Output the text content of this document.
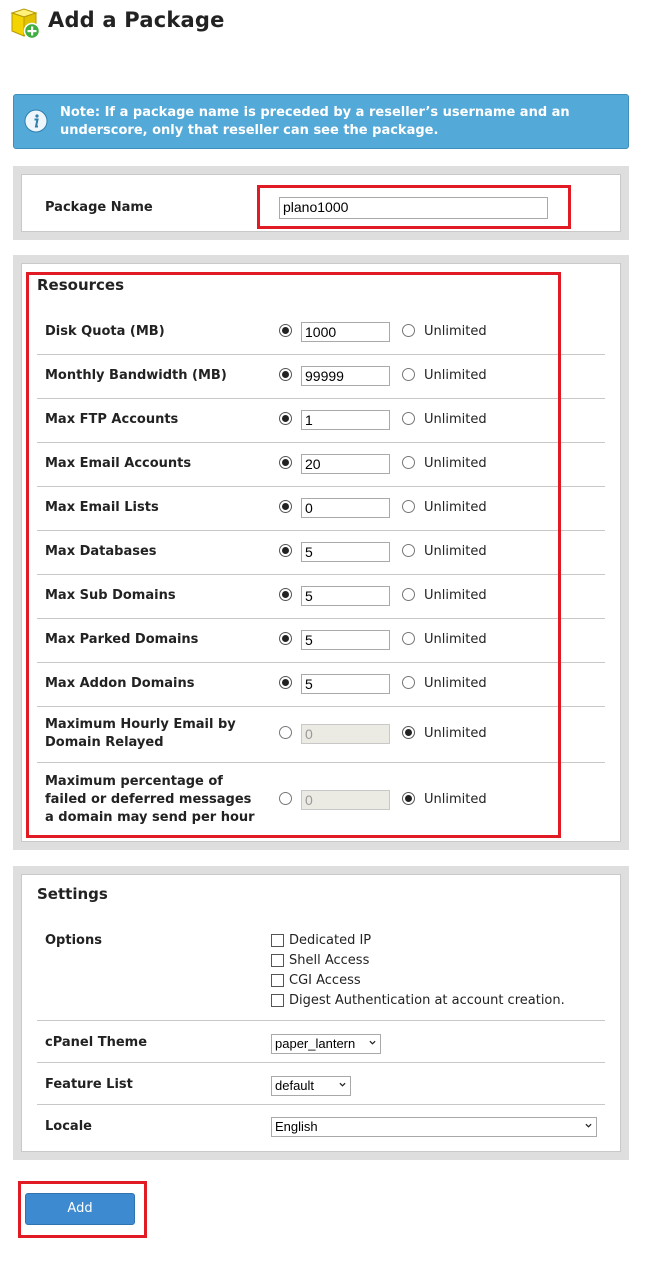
Add a Package
Note: If a package name is preceded by a reseller’s username and an underscore, only that reseller can see the package.
Package Name	plano1000
Resources
Disk Quota (MB)	1000	Unlimited
Monthly Bandwidth (MB)	99999	Unlimited
Max FTP Accounts	1	Unlimited
Max Email Accounts	20	Unlimited
Max Email Lists	0	Unlimited
Max Databases	5	Unlimited
Max Sub Domains	5	Unlimited
Max Parked Domains	5	Unlimited
Max Addon Domains	5	Unlimited
Maximum Hourly Email by
Domain Relayed
0	Unlimited
Maximum percentage of
failed or deferred messages
a domain may send per hour
0	Unlimited
Settings
Options	Dedicated IP
Shell Access
CGI Access
Digest Authentication at account creation.
cPanel Theme	paper_lantern
Feature List	default
Locale	English
Add
